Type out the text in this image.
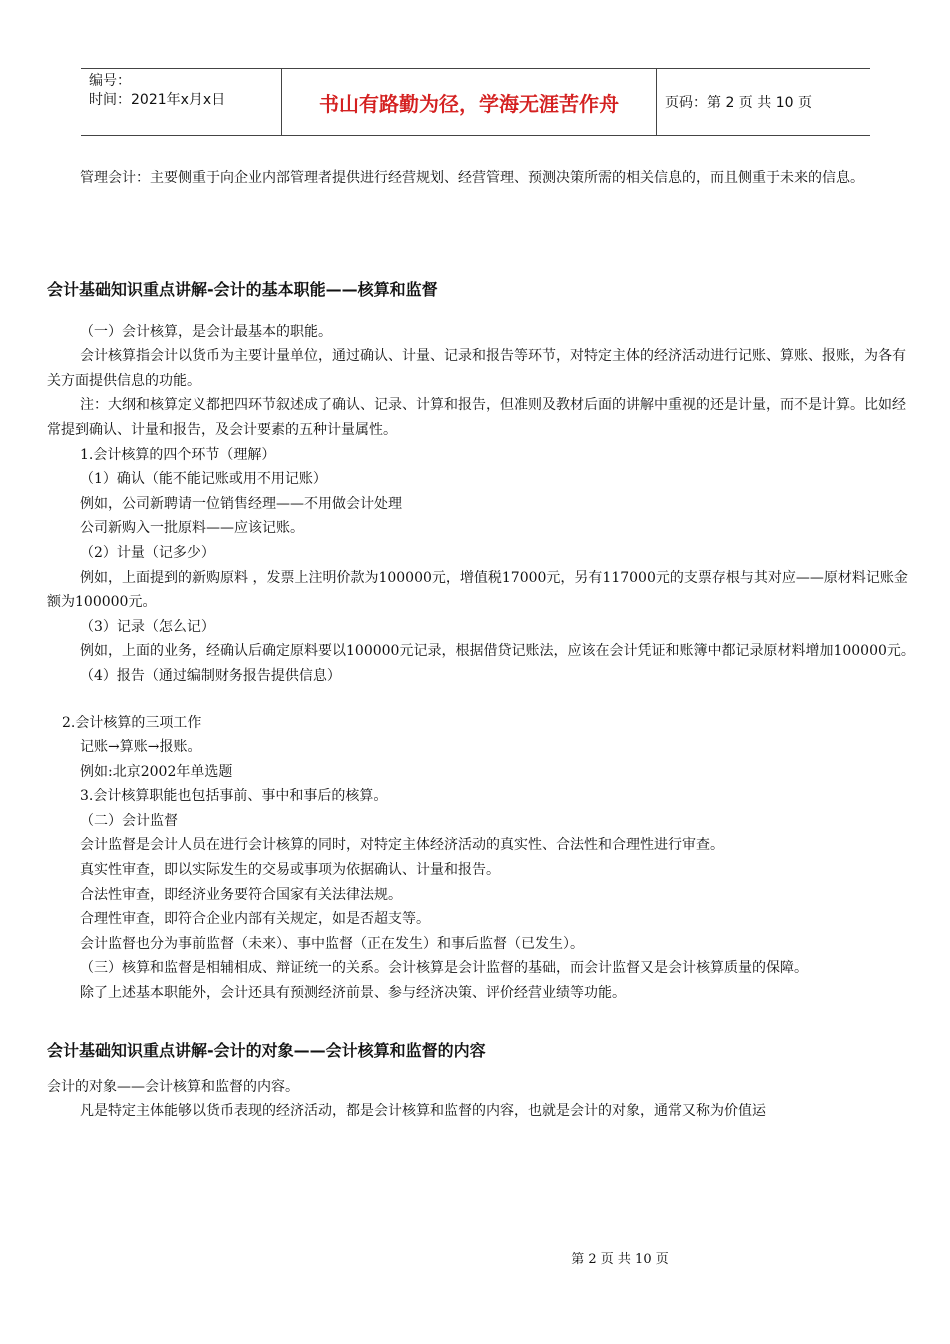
编号：
时间：2021年x月x日	书山有路勤为径，学海无涯苦作舟	页码：第 2 页 共 10 页

管理会计：主要侧重于向企业内部管理者提供进行经营规划、经营管理、预测决策所需的相关信息的，而且侧重于未来的信息。

会计基础知识重点讲解-会计的基本职能——核算和监督

（一）会计核算，是会计最基本的职能。

会计核算指会计以货币为主要计量单位，通过确认、计量、记录和报告等环节，对特定主体的经济活动进行记账、算账、报账，为各有关方面提供信息的功能。

注：大纲和核算定义都把四环节叙述成了确认、记录、计算和报告，但准则及教材后面的讲解中重视的还是计量，而不是计算。比如经常提到确认、计量和报告，及会计要素的五种计量属性。

1.会计核算的四个环节（理解）

（1）确认（能不能记账或用不用记账）

例如，公司新聘请一位销售经理——不用做会计处理

公司新购入一批原料——应该记账。

（2）计量（记多少）

例如，上面提到的新购原料 ，发票上注明价款为100000元，增值税17000元，另有117000元的支票存根与其对应——原材料记账金额为100000元。

（3）记录（怎么记）

例如，上面的业务，经确认后确定原料要以100000元记录，根据借贷记账法，应该在会计凭证和账簿中都记录原材料增加100000元。

（4）报告（通过编制财务报告提供信息）

2.会计核算的三项工作

记账→算账→报账。

例如:北京2002年单选题

3.会计核算职能也包括事前、事中和事后的核算。

（二）会计监督

会计监督是会计人员在进行会计核算的同时，对特定主体经济活动的真实性、合法性和合理性进行审查。

真实性审查，即以实际发生的交易或事项为依据确认、计量和报告。

合法性审查，即经济业务要符合国家有关法律法规。

合理性审查，即符合企业内部有关规定，如是否超支等。

会计监督也分为事前监督（未来）、事中监督（正在发生）和事后监督（已发生）。

（三）核算和监督是相辅相成、辩证统一的关系。会计核算是会计监督的基础，而会计监督又是会计核算质量的保障。

除了上述基本职能外，会计还具有预测经济前景、参与经济决策、评价经营业绩等功能。

会计基础知识重点讲解-会计的对象——会计核算和监督的内容

会计的对象——会计核算和监督的内容。

凡是特定主体能够以货币表现的经济活动，都是会计核算和监督的内容，也就是会计的对象，通常又称为价值运

第 2 页 共 10 页
